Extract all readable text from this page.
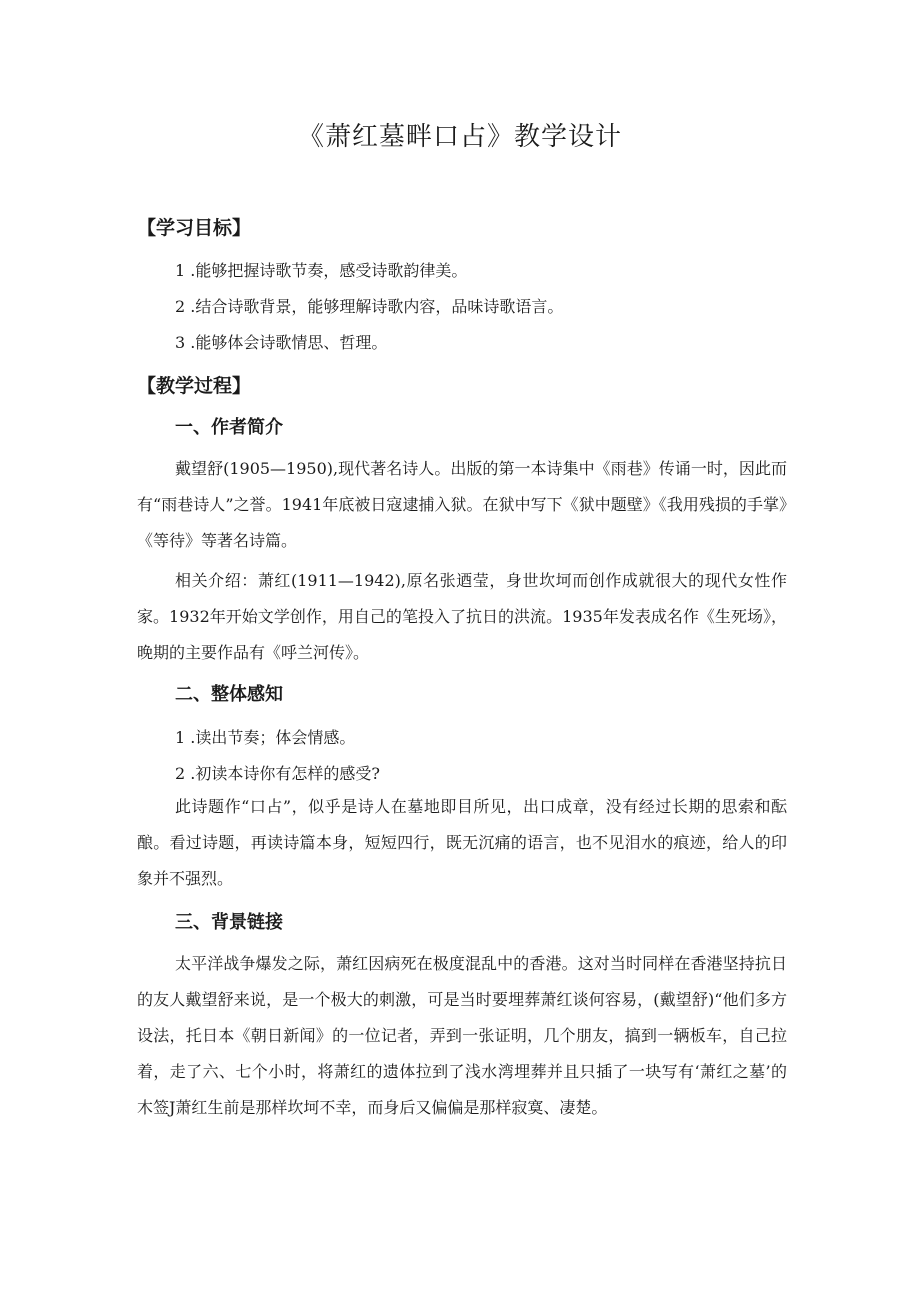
《萧红墓畔口占》教学设计
【学习目标】

1 .能够把握诗歌节奏，感受诗歌韵律美。

2 .结合诗歌背景，能够理解诗歌内容，品味诗歌语言。

3 .能够体会诗歌情思、哲理。

【教学过程】
一、作者简介

戴望舒(1905—1950),现代著名诗人。出版的第一本诗集中《雨巷》传诵一时，因此而有“雨巷诗人”之誉。1941年底被日寇逮捕入狱。在狱中写下《狱中题壁》《我用残损的手掌》《等待》等著名诗篇。

相关介绍：萧红(1911—1942),原名张迺莹，身世坎坷而创作成就很大的现代女性作家。1932年开始文学创作，用自己的笔投入了抗日的洪流。1935年发表成名作《生死场》，晚期的主要作品有《呼兰河传》。

二、整体感知

1 .读出节奏；体会情感。

2 .初读本诗你有怎样的感受?

此诗题作“口占”，似乎是诗人在墓地即目所见，出口成章，没有经过长期的思索和酝酿。看过诗题，再读诗篇本身，短短四行，既无沉痛的语言，也不见泪水的痕迹，给人的印象并不强烈。

三、背景链接

太平洋战争爆发之际，萧红因病死在极度混乱中的香港。这对当时同样在香港坚持抗日的友人戴望舒来说，是一个极大的刺激，可是当时要埋葬萧红谈何容易，(戴望舒)“他们多方设法，托日本《朝日新闻》的一位记者，弄到一张证明，几个朋友，搞到一辆板车，自己拉着，走了六、七个小时，将萧红的遗体拉到了浅水湾埋葬并且只插了一块写有‘萧红之墓’的木签J萧红生前是那样坎坷不幸，而身后又偏偏是那样寂寞、凄楚。
